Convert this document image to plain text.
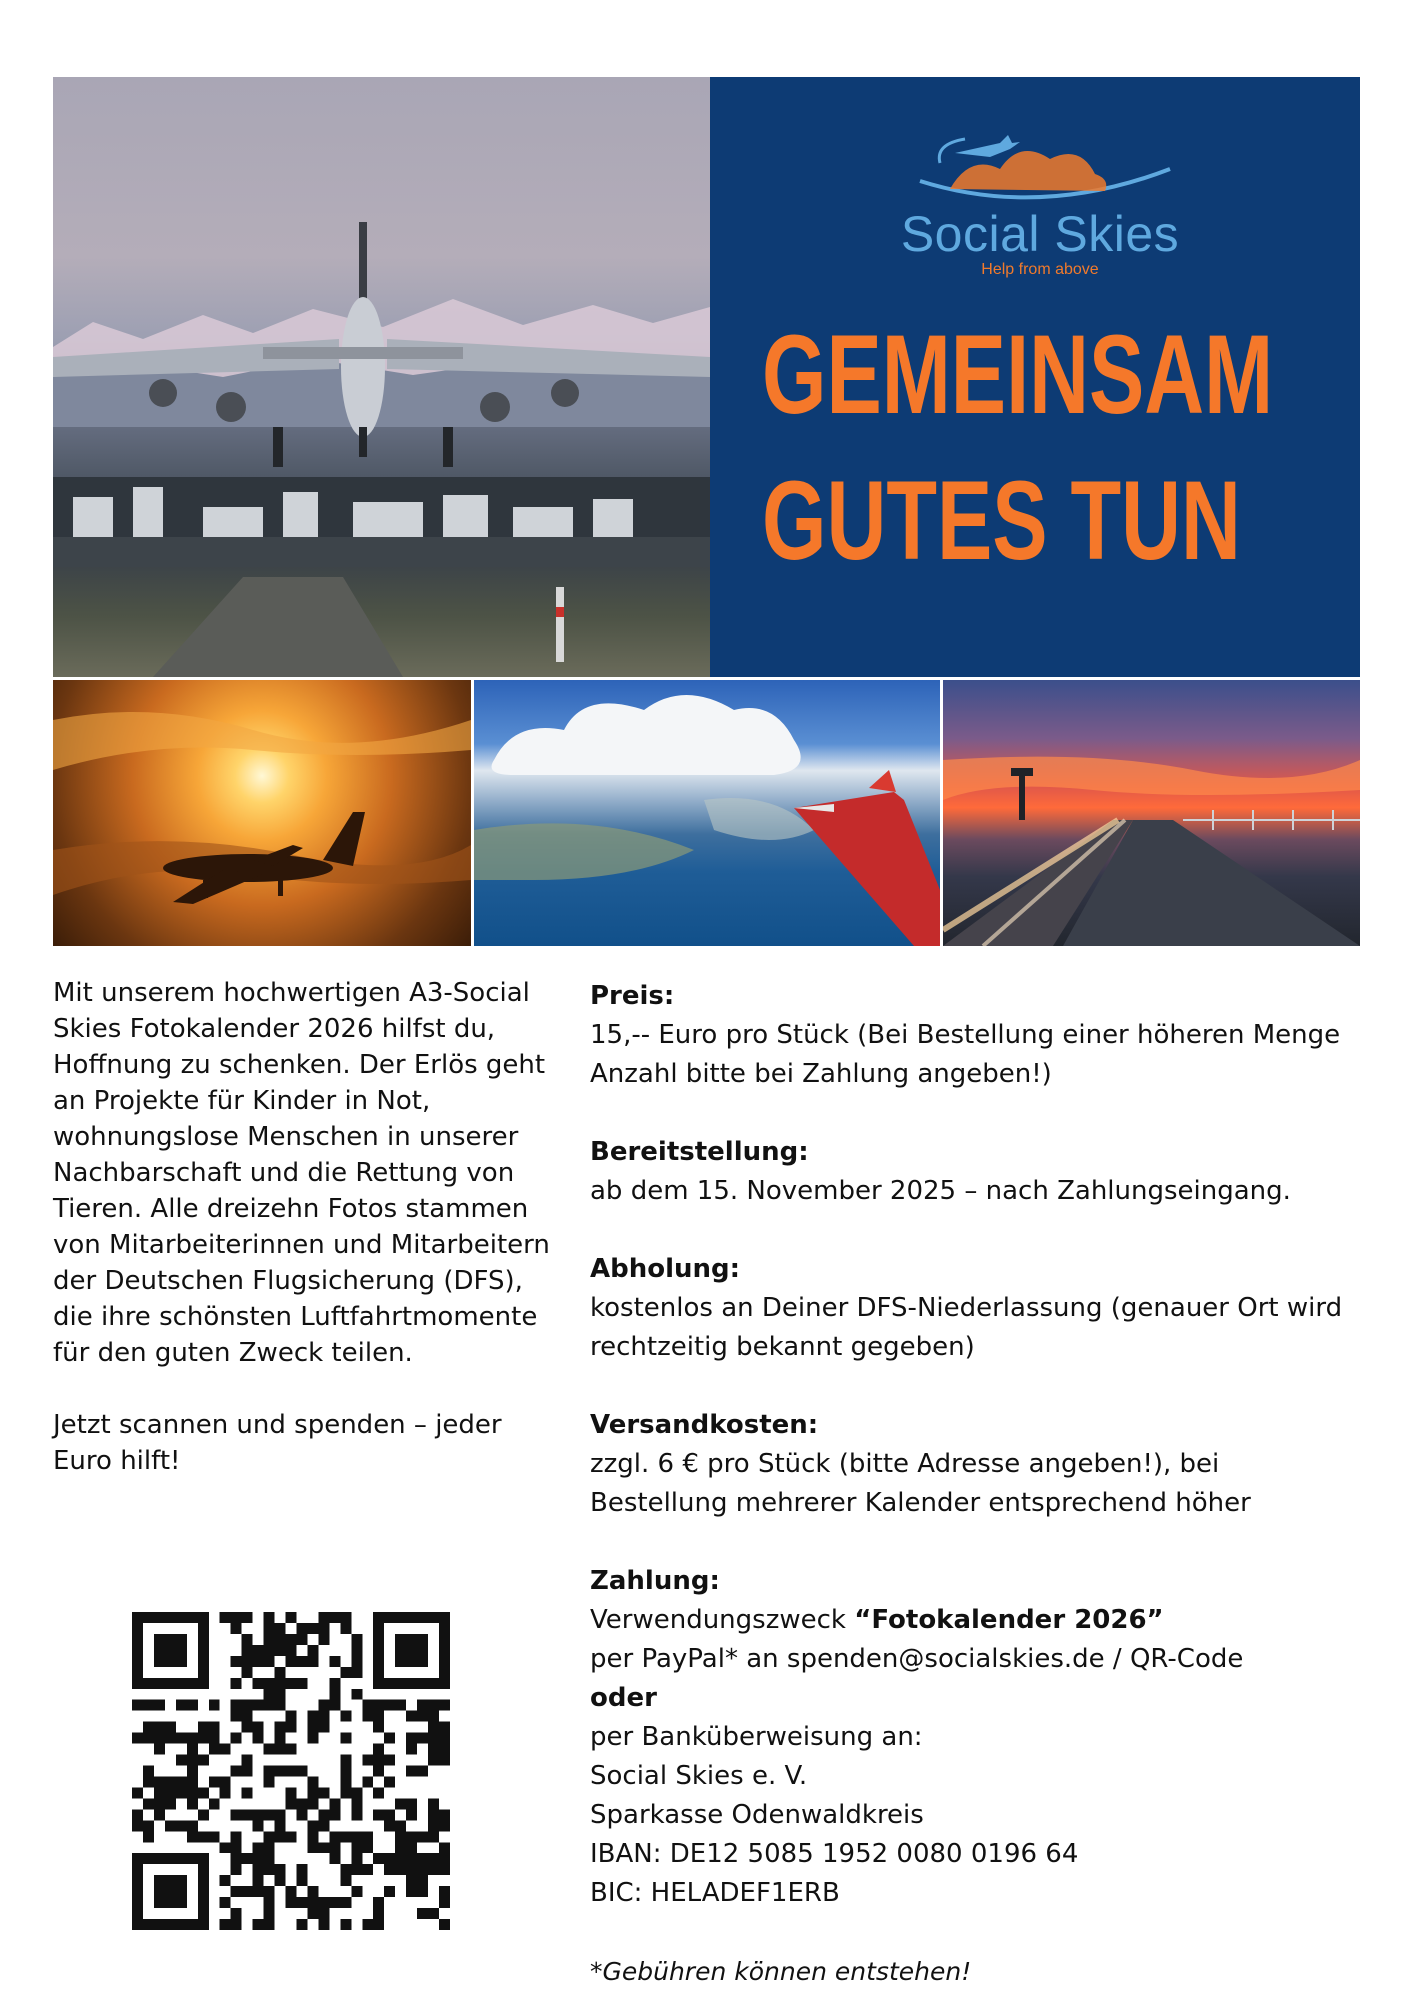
Social Skies
Help from above
GEMEINSAM
GUTES TUN

Mit unserem hochwertigen A3-Social Skies Fotokalender 2026 hilfst du, Hoffnung zu schenken. Der Erlös geht an Projekte für Kinder in Not, wohnungslose Menschen in unserer Nachbarschaft und die Rettung von Tieren. Alle dreizehn Fotos stammen von Mitarbeiterinnen und Mitarbeitern der Deutschen Flugsicherung (DFS), die ihre schönsten Luftfahrtmomente für den guten Zweck teilen.

Jetzt scannen und spenden – jeder Euro hilft!

Preis:
15,-- Euro pro Stück (Bei Bestellung einer höheren Menge Anzahl bitte bei Zahlung angeben!)
Bereitstellung:
ab dem 15. November 2025 – nach Zahlungseingang.
Abholung:
kostenlos an Deiner DFS-Niederlassung (genauer Ort wird rechtzeitig bekannt gegeben)
Versandkosten:
zzgl. 6 € pro Stück (bitte Adresse angeben!), bei Bestellung mehrerer Kalender entsprechend höher
Zahlung:
Verwendungszweck “Fotokalender 2026”
per PayPal* an spenden@socialskies.de / QR-Code
oder
per Banküberweisung an:
Social Skies e. V.
Sparkasse Odenwaldkreis
IBAN: DE12 5085 1952 0080 0196 64
BIC: HELADEF1ERB
*Gebühren können entstehen!
